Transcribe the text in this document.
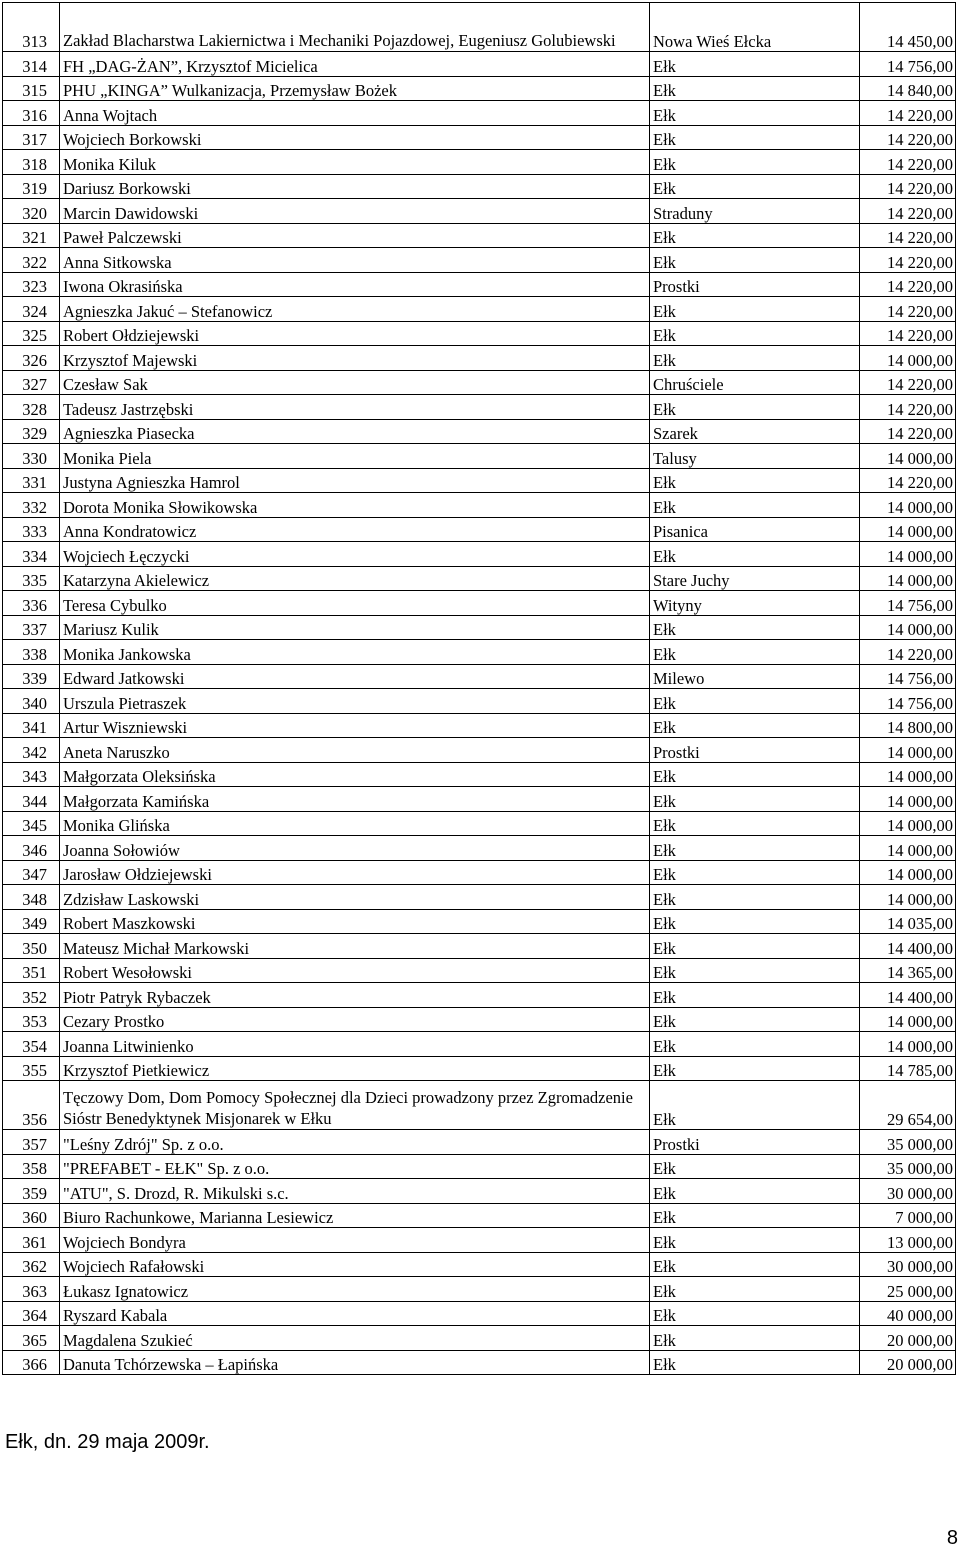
313	Zakład Blacharstwa Lakiernictwa i Mechaniki Pojazdowej, Eugeniusz Golubiewski	Nowa Wieś Ełcka	14 450,00
314	FH „DAG-ŻAN”, Krzysztof Micielica	Ełk	14 756,00
315	PHU „KINGA” Wulkanizacja, Przemysław Bożek	Ełk	14 840,00
316	Anna Wojtach	Ełk	14 220,00
317	Wojciech Borkowski	Ełk	14 220,00
318	Monika Kiluk	Ełk	14 220,00
319	Dariusz Borkowski	Ełk	14 220,00
320	Marcin Dawidowski	Straduny	14 220,00
321	Paweł Palczewski	Ełk	14 220,00
322	Anna Sitkowska	Ełk	14 220,00
323	Iwona Okrasińska	Prostki	14 220,00
324	Agnieszka Jakuć – Stefanowicz	Ełk	14 220,00
325	Robert Ołdziejewski	Ełk	14 220,00
326	Krzysztof Majewski	Ełk	14 000,00
327	Czesław Sak	Chruściele	14 220,00
328	Tadeusz Jastrzębski	Ełk	14 220,00
329	Agnieszka Piasecka	Szarek	14 220,00
330	Monika Piela	Talusy	14 000,00
331	Justyna Agnieszka Hamrol	Ełk	14 220,00
332	Dorota Monika Słowikowska	Ełk	14 000,00
333	Anna Kondratowicz	Pisanica	14 000,00
334	Wojciech Łęczycki	Ełk	14 000,00
335	Katarzyna Akielewicz	Stare Juchy	14 000,00
336	Teresa Cybulko	Wityny	14 756,00
337	Mariusz Kulik	Ełk	14 000,00
338	Monika Jankowska	Ełk	14 220,00
339	Edward Jatkowski	Milewo	14 756,00
340	Urszula Pietraszek	Ełk	14 756,00
341	Artur Wiszniewski	Ełk	14 800,00
342	Aneta Naruszko	Prostki	14 000,00
343	Małgorzata Oleksińska	Ełk	14 000,00
344	Małgorzata Kamińska	Ełk	14 000,00
345	Monika Glińska	Ełk	14 000,00
346	Joanna Sołowiów	Ełk	14 000,00
347	Jarosław Ołdziejewski	Ełk	14 000,00
348	Zdzisław Laskowski	Ełk	14 000,00
349	Robert Maszkowski	Ełk	14 035,00
350	Mateusz Michał Markowski	Ełk	14 400,00
351	Robert Wesołowski	Ełk	14 365,00
352	Piotr Patryk Rybaczek	Ełk	14 400,00
353	Cezary Prostko	Ełk	14 000,00
354	Joanna Litwinienko	Ełk	14 000,00
355	Krzysztof Pietkiewicz	Ełk	14 785,00
356	Tęczowy Dom, Dom Pomocy Społecznej dla Dzieci prowadzony przez Zgromadzenie Sióstr Benedyktynek Misjonarek w Ełku	Ełk	29 654,00
357	"Leśny Zdrój" Sp. z o.o.	Prostki	35 000,00
358	"PREFABET - EŁK" Sp. z o.o.	Ełk	35 000,00
359	"ATU", S. Drozd, R. Mikulski s.c.	Ełk	30 000,00
360	Biuro Rachunkowe, Marianna Lesiewicz	Ełk	7 000,00
361	Wojciech Bondyra	Ełk	13 000,00
362	Wojciech Rafałowski	Ełk	30 000,00
363	Łukasz Ignatowicz	Ełk	25 000,00
364	Ryszard Kabala	Ełk	40 000,00
365	Magdalena Szukieć	Ełk	20 000,00
366	Danuta Tchórzewska – Łapińska	Ełk	20 000,00
Ełk, dn. 29 maja 2009r.
8
